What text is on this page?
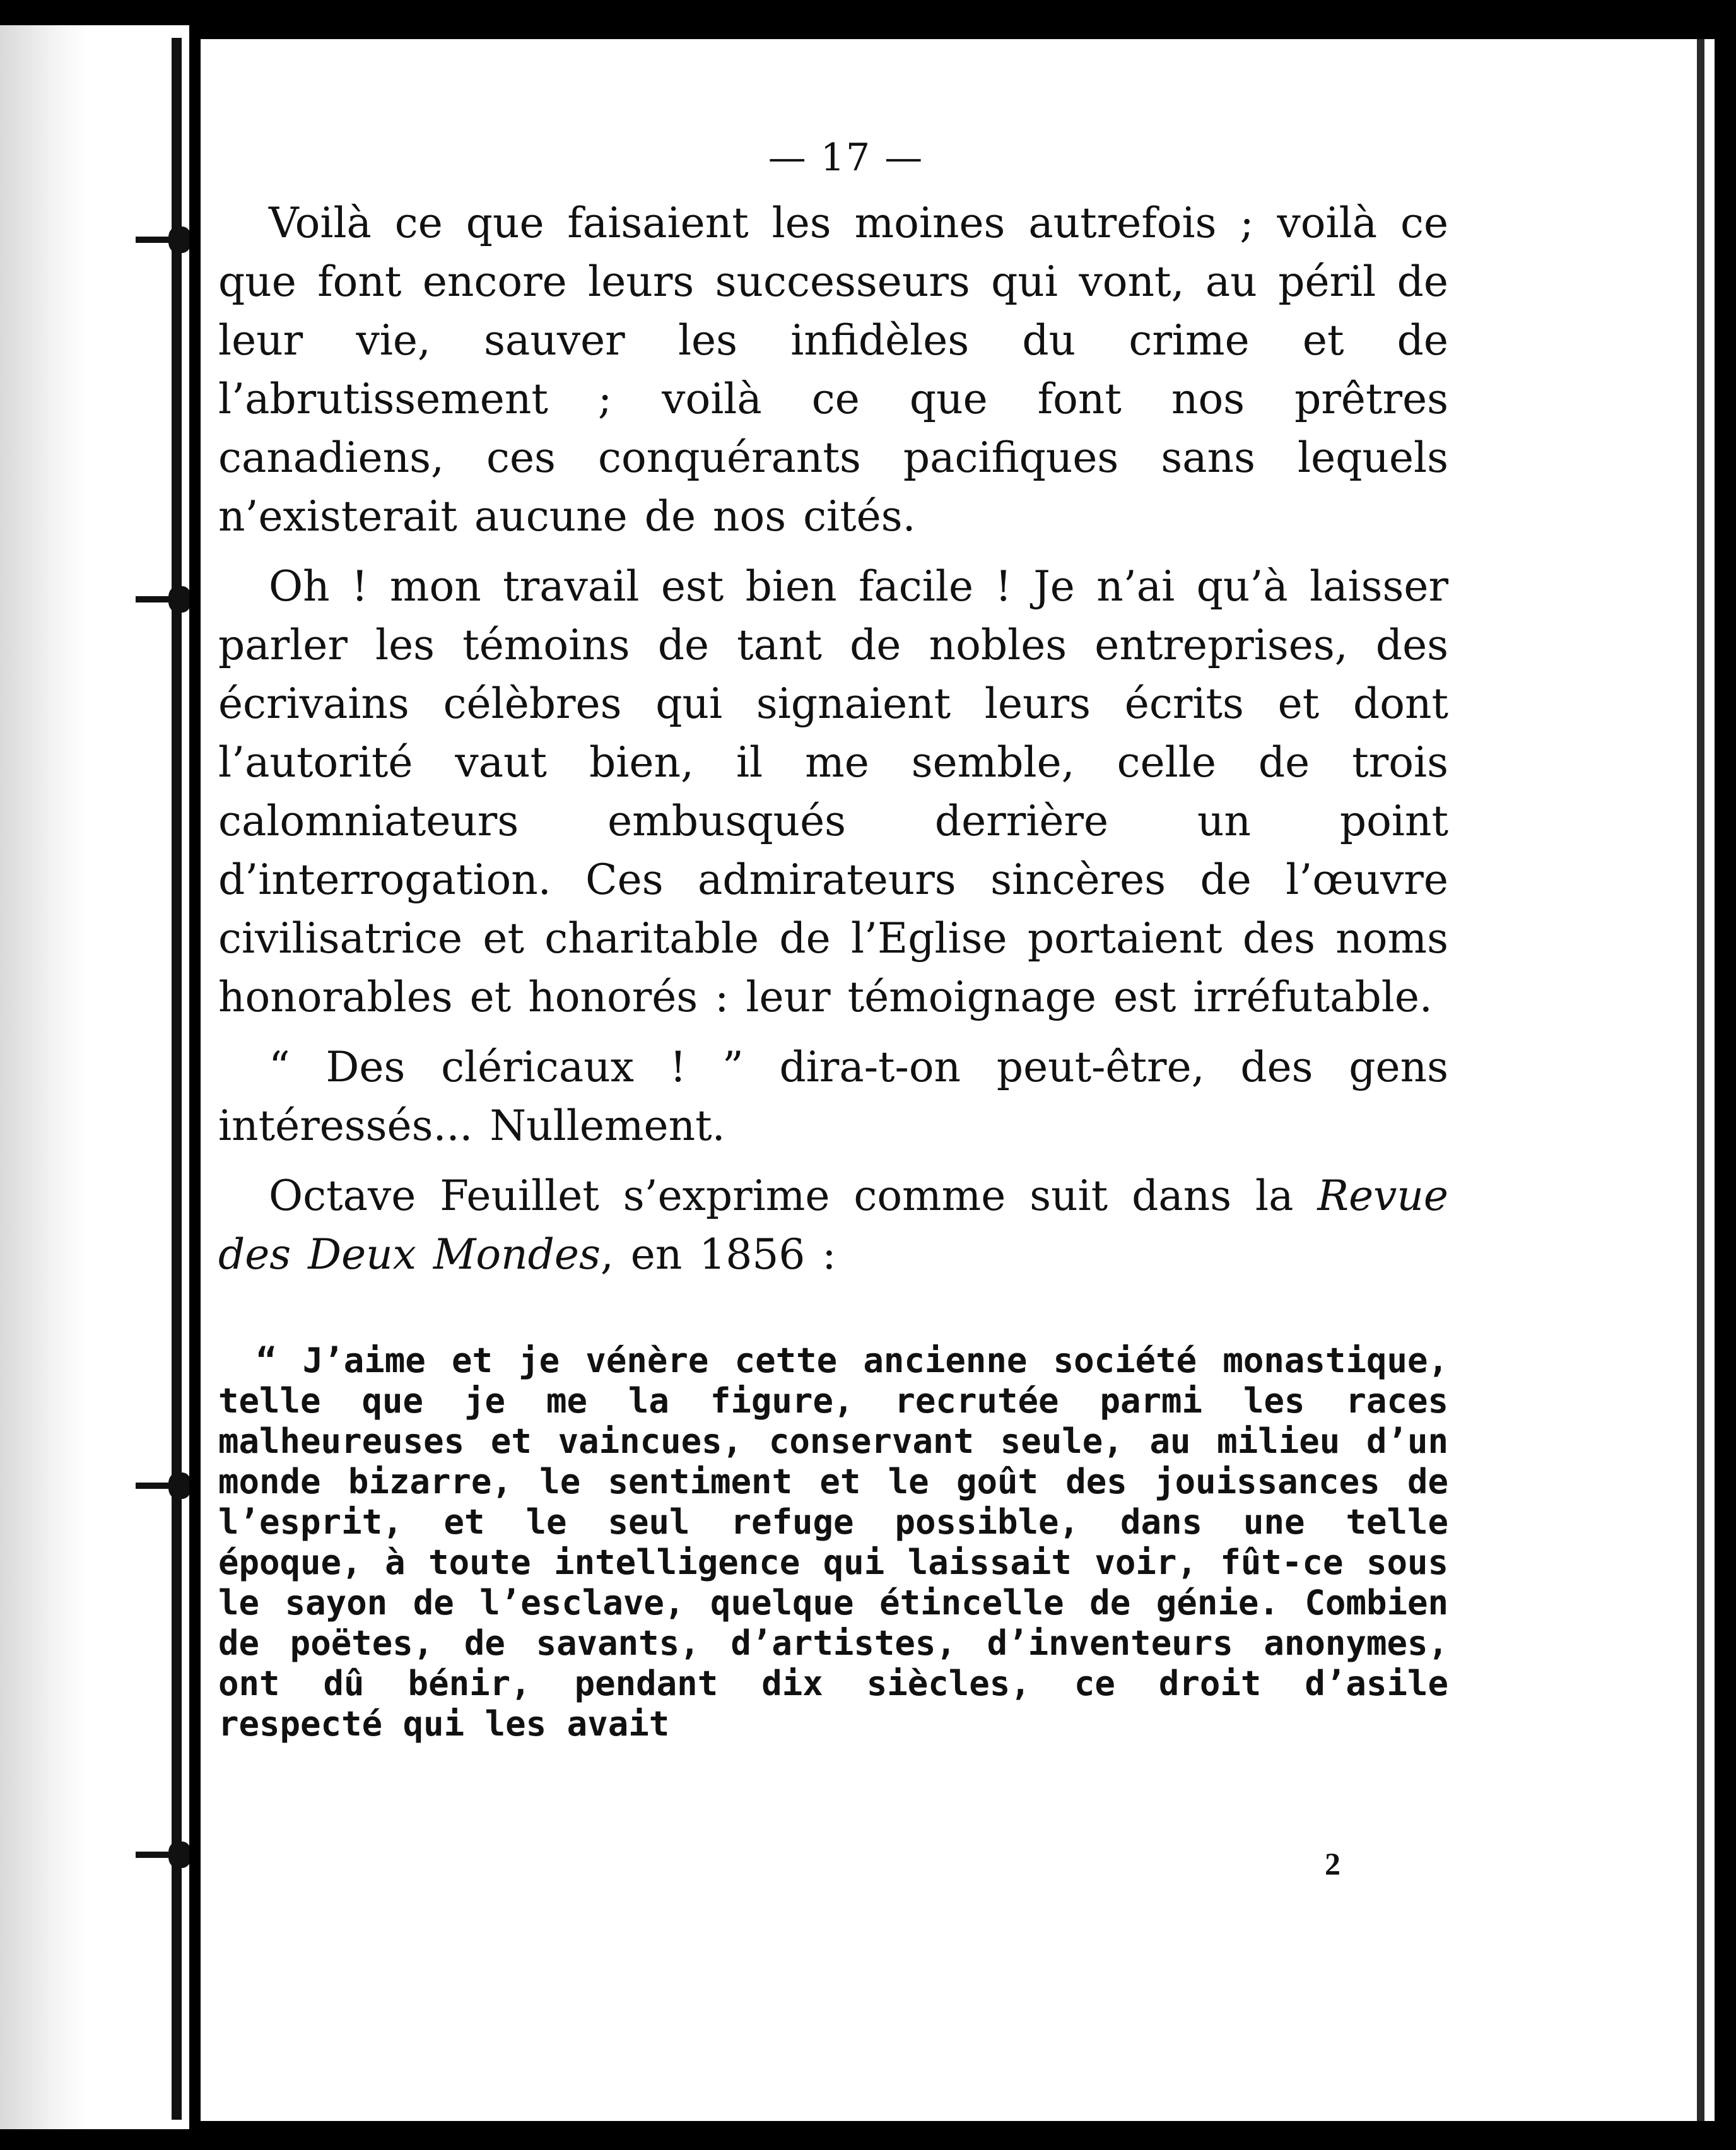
— 17 —

Voilà ce que faisaient les moines autrefois ; voilà ce que font encore leurs successeurs qui vont, au péril de leur vie, sauver les infidèles du crime et de l’abrutissement ; voilà ce que font nos prêtres canadiens, ces conquérants pacifiques sans lequels n’existerait aucune de nos cités.

Oh ! mon travail est bien facile ! Je n’ai qu’à laisser parler les témoins de tant de nobles entreprises, des écrivains célèbres qui signaient leurs écrits et dont l’autorité vaut bien, il me semble, celle de trois calomniateurs embusqués derrière un point d’interrogation. Ces admirateurs sincères de l’œuvre civilisatrice et charitable de l’Eglise portaient des noms honorables et honorés : leur témoignage est irréfutable.

“ Des cléricaux ! ” dira-t-on peut-être, des gens intéressés... Nullement.

Octave Feuillet s’exprime comme suit dans la Revue des Deux Mondes, en 1856 :

“ J’aime et je vénère cette ancienne société monastique, telle que je me la figure, recrutée parmi les races malheureuses et vaincues, conservant seule, au milieu d’un monde bizarre, le sentiment et le goût des jouissances de l’esprit, et le seul refuge possible, dans une telle époque, à toute intelligence qui laissait voir, fût-ce sous le sayon de l’esclave, quelque étincelle de génie. Combien de poëtes, de savants, d’artistes, d’inventeurs anonymes, ont dû bénir, pendant dix siècles, ce droit d’asile respecté qui les avait

2
